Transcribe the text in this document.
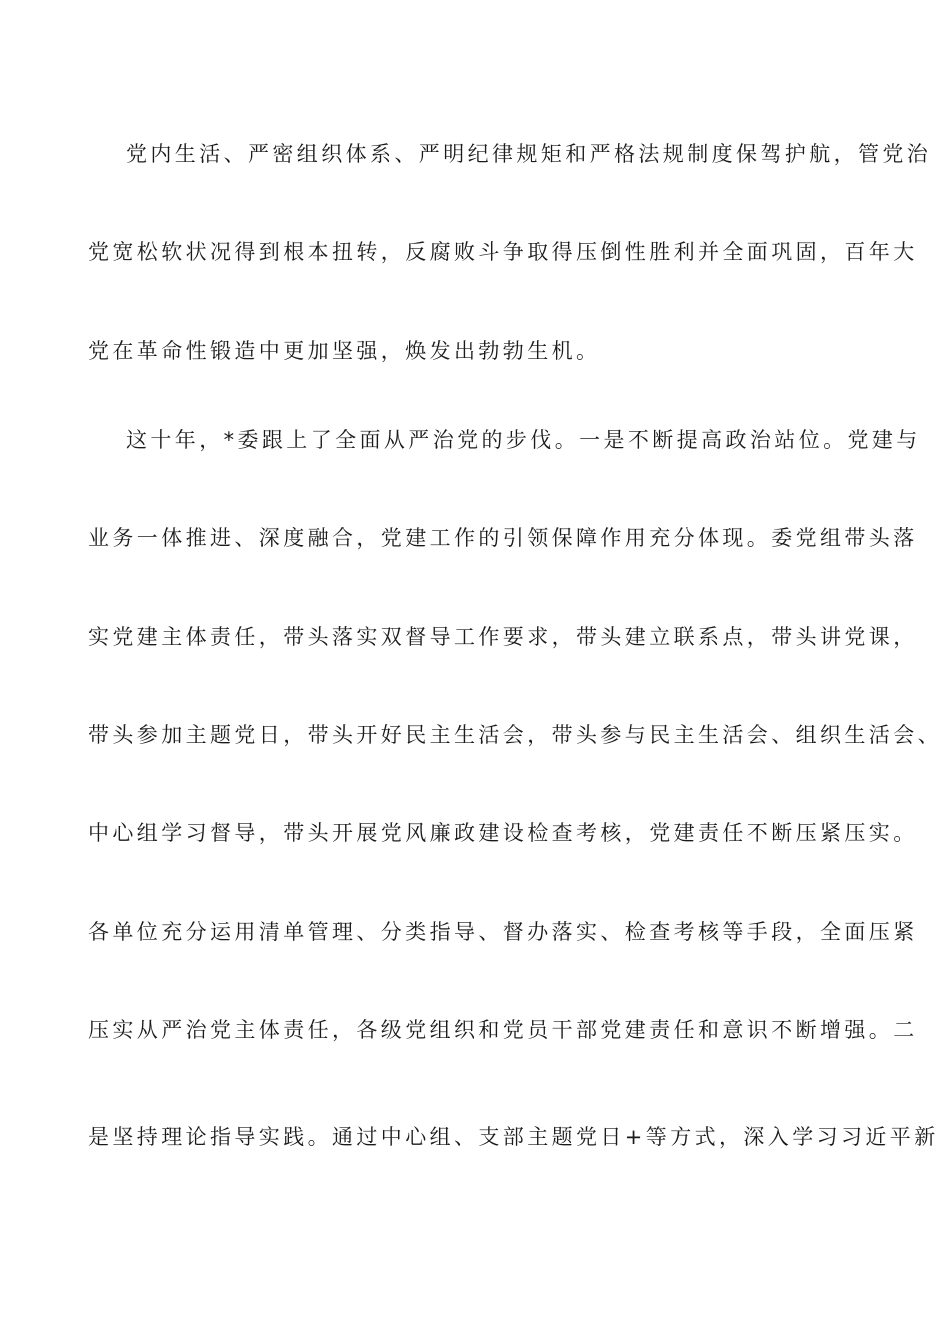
党内生活、严密组织体系、严明纪律规矩和严格法规制度保驾护航，管党治
党宽松软状况得到根本扭转，反腐败斗争取得压倒性胜利并全面巩固，百年大
党在革命性锻造中更加坚强，焕发出勃勃生机。
这十年，*委跟上了全面从严治党的步伐。一是不断提高政治站位。党建与
业务一体推进、深度融合，党建工作的引领保障作用充分体现。委党组带头落
实党建主体责任，带头落实双督导工作要求，带头建立联系点，带头讲党课，
带头参加主题党日，带头开好民主生活会，带头参与民主生活会、组织生活会、
中心组学习督导，带头开展党风廉政建设检查考核，党建责任不断压紧压实。
各单位充分运用清单管理、分类指导、督办落实、检查考核等手段，全面压紧
压实从严治党主体责任，各级党组织和党员干部党建责任和意识不断增强。二
是坚持理论指导实践。通过中心组、支部主题党日+等方式，深入学习习近平新
